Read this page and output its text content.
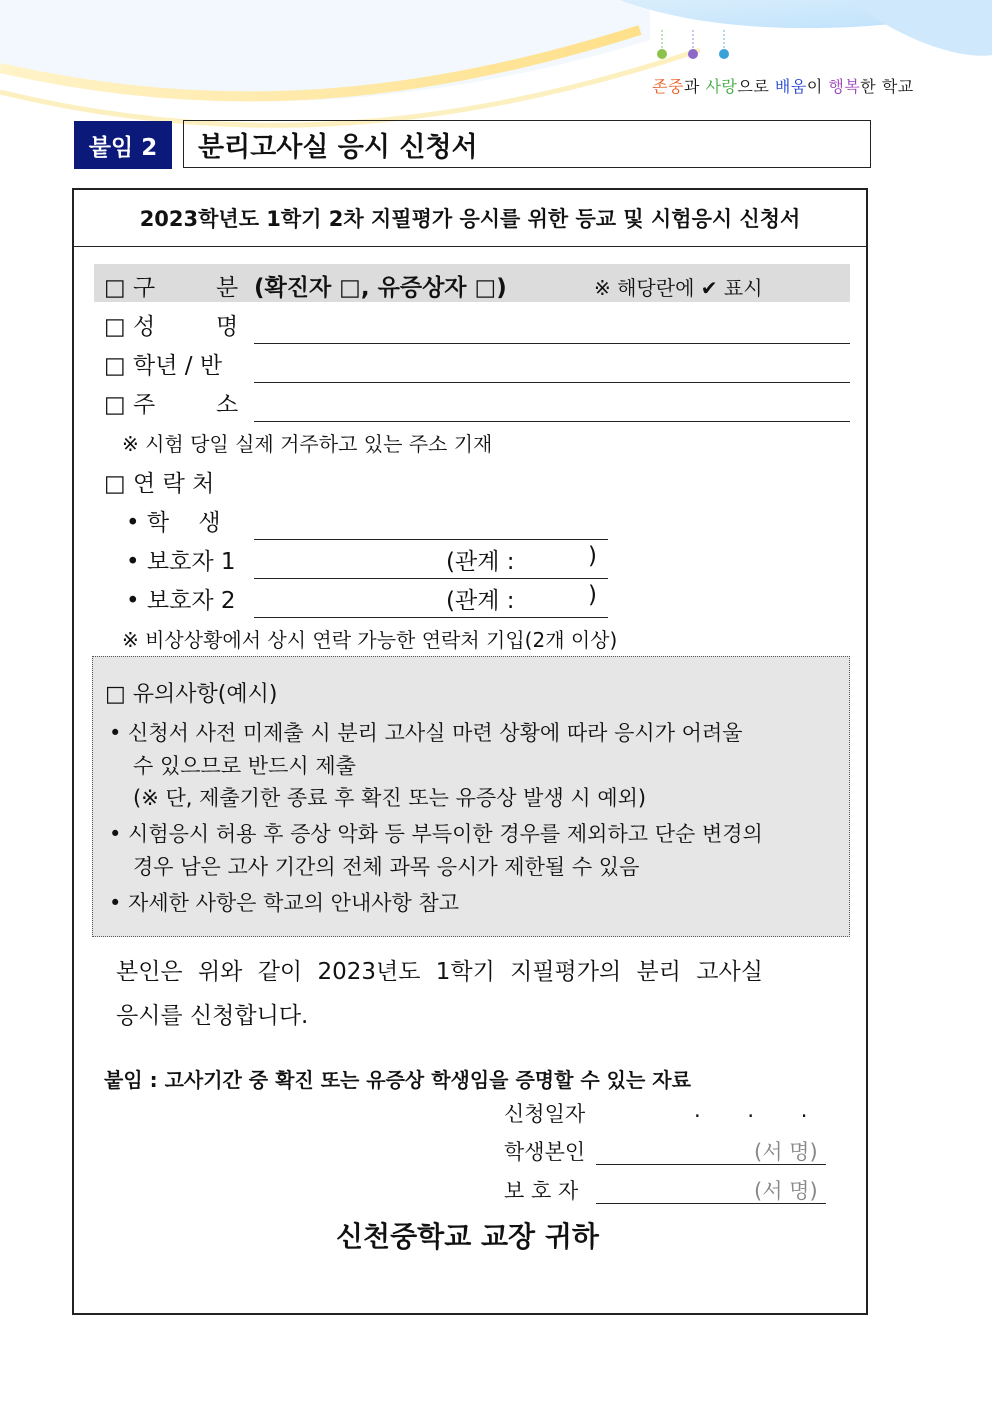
존중과 사랑으로 배움이 행복한 학교
붙임 2	분리고사실 응시 신청서
2023학년도 1학기 2차 지필평가 응시를 위한 등교 및 시험응시 신청서
□ 구	분 (확진자 □, 유증상자 □)	※ 해당란에 ✔ 표시
□ 성	명
□ 학년 / 반
□ 주	소
※ 시험 당일 실제 거주하고 있는 주소 기재
□ 연 락 처
• 학    생
• 보호자 1	(관계 :	)
• 보호자 2	(관계 :	)
※ 비상상황에서 상시 연락 가능한 연락처 기입(2개 이상)
□ 유의사항(예시)
• 신청서 사전 미제출 시 분리 고사실 마련 상황에 따라 응시가 어려울
수 있으므로 반드시 제출
(※ 단, 제출기한 종료 후 확진 또는 유증상 발생 시 예외)
• 시험응시 허용 후 증상 악화 등 부득이한 경우를 제외하고 단순 변경의
경우 남은 고사 기간의 전체 과목 응시가 제한될 수 있음
• 자세한 사항은 학교의 안내사항 참고
본인은 위와 같이 2023년도 1학기 지필평가의 분리 고사실
응시를 신청합니다.
붙임 : 고사기간 중 확진 또는 유증상 학생임을 증명할 수 있는 자료
신청일자	.       .       .
학생본인	(서 명)
보 호 자	(서 명)
신천중학교 교장 귀하
